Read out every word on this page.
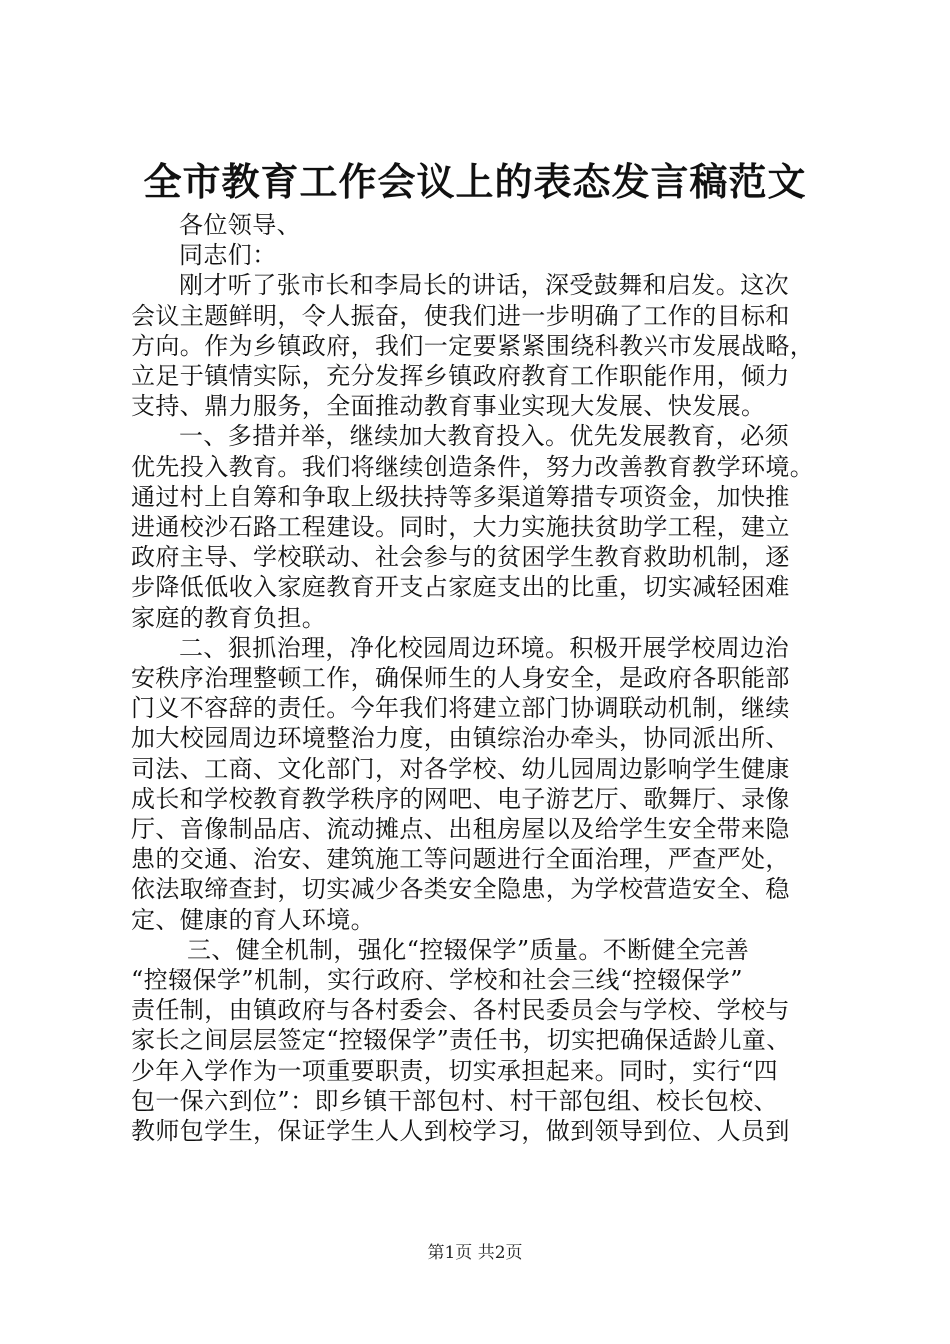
全市教育工作会议上的表态发言稿范文
各位领导、
同志们：
刚才听了张市长和李局长的讲话，深受鼓舞和启发。这次
会议主题鲜明，令人振奋，使我们进一步明确了工作的目标和
方向。作为乡镇政府，我们一定要紧紧围绕科教兴市发展战略，
立足于镇情实际，充分发挥乡镇政府教育工作职能作用，倾力
支持、鼎力服务，全面推动教育事业实现大发展、快发展。
一、多措并举，继续加大教育投入。优先发展教育，必须
优先投入教育。我们将继续创造条件，努力改善教育教学环境。
通过村上自筹和争取上级扶持等多渠道筹措专项资金，加快推
进通校沙石路工程建设。同时，大力实施扶贫助学工程，建立
政府主导、学校联动、社会参与的贫困学生教育救助机制，逐
步降低低收入家庭教育开支占家庭支出的比重，切实减轻困难
家庭的教育负担。
二、狠抓治理，净化校园周边环境。积极开展学校周边治
安秩序治理整顿工作，确保师生的人身安全，是政府各职能部
门义不容辞的责任。今年我们将建立部门协调联动机制，继续
加大校园周边环境整治力度，由镇综治办牵头，协同派出所、
司法、工商、文化部门，对各学校、幼儿园周边影响学生健康
成长和学校教育教学秩序的网吧、电子游艺厅、歌舞厅、录像
厅、音像制品店、流动摊点、出租房屋以及给学生安全带来隐
患的交通、治安、建筑施工等问题进行全面治理，严查严处，
依法取缔查封，切实减少各类安全隐患，为学校营造安全、稳
定、健康的育人环境。
三、健全机制，强化“控辍保学”质量。不断健全完善
“控辍保学”机制，实行政府、学校和社会三线“控辍保学”
责任制，由镇政府与各村委会、各村民委员会与学校、学校与
家长之间层层签定“控辍保学”责任书，切实把确保适龄儿童、
少年入学作为一项重要职责，切实承担起来。同时，实行“四
包一保六到位”：即乡镇干部包村、村干部包组、校长包校、
教师包学生，保证学生人人到校学习，做到领导到位、人员到
第1页 共2页
